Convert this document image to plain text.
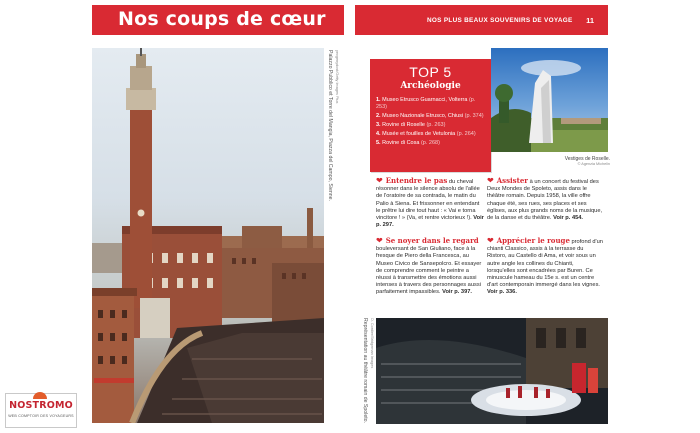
Nos coups de cœur
Palazzo Pubblico et Torre del Mangia, Piazza del Campo, Sienne. yevgenydost/Getty Images Plus
NOS PLUS BEAUX SOUVENIRS DE VOYAGE 11
TOP 5
Archéologie
1. Museo Etrusco Guarnacci, Volterra (p. 253)
2. Museo Nazionale Etrusco, Chiusi (p. 374)
3. Rovine di Roselle (p. 263)
4. Musée et fouilles de Vetulonia (p. 264)
5. Rovine di Cosa (p. 268)
Vestiges de Roselle.
© Agenzia Michelin
❤ Entendre le pas du cheval résonner dans le silence absolu de l'allée de l'oratoire de sa contrada, le matin du Palio à Siena. Et frissonner en entendant le prêtre lui dire tout haut : « Vai e torna vincitore ! » (Va, et rentre victorieux !). Voir p. 297.
❤ Se noyer dans le regard bouleversant de San Giuliano, face à la fresque de Piero della Francesca, au Museo Civico de Sansepolcro. Et essayer de comprendre comment le peintre a réussi à transmettre des émotions aussi intenses à travers des personnages aussi parfaitement impassibles. Voir p. 397.
❤ Assister à un concert du festival des Deux Mondes de Spoleto, assis dans le théâtre romain. Depuis 1958, la ville offre chaque été, ses rues, ses places et ses églises, aux plus grands noms de la musique, de la danse et du théâtre. Voir p. 454.
❤ Apprécier le rouge profond d'un chianti Classico, assis à la terrasse du Ristoro, au Castello di Ama, et voir sous un autre angle les collines du Chianti, lorsqu'elles sont encadrées par Buren. Ce minuscule hameau du 15e s. est un centre d'art contemporain immergé dans les vignes. Voir p. 336.
Représentation au théâtre romain de Spoleto. D. Cordier/Bridgeman Images
NOSTROMO
WEB COMPTOIR DES VOYAGEURS
